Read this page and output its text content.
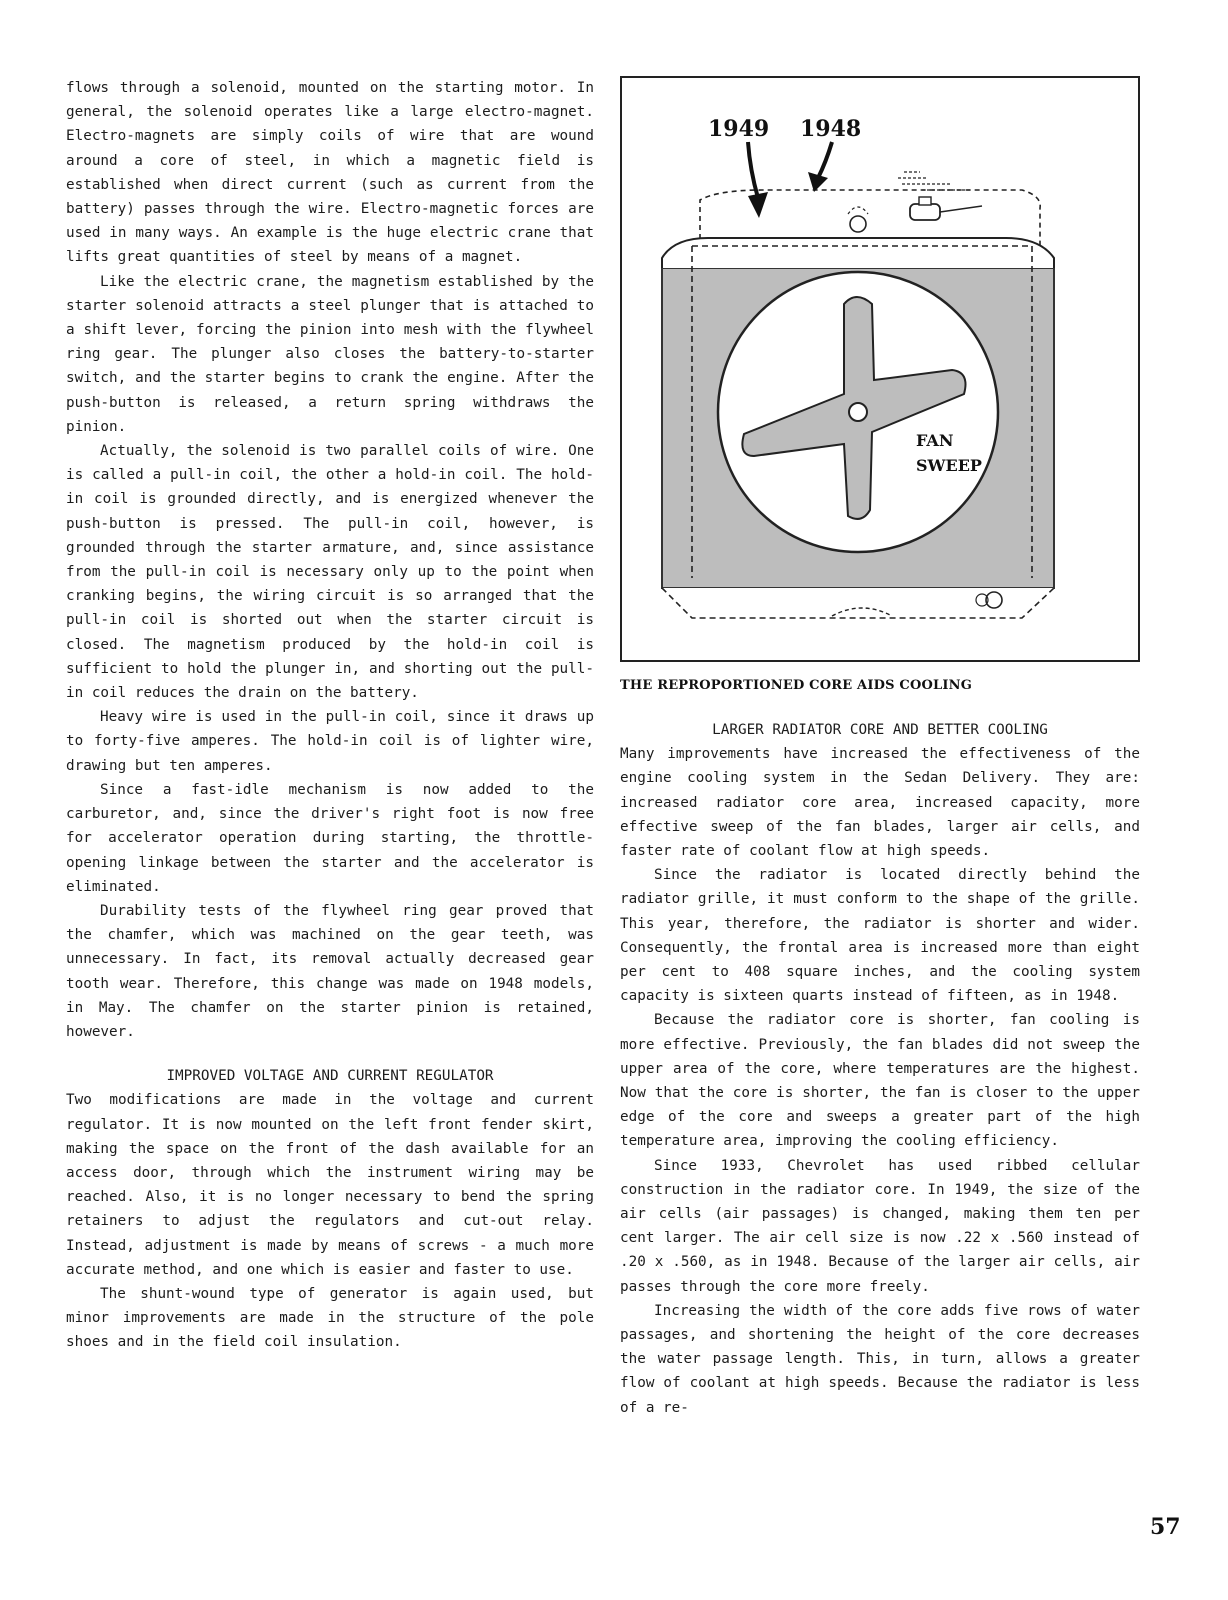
flows through a solenoid, mounted on the starting motor. In general, the solenoid operates like a large electro-magnet. Electro-magnets are simply coils of wire that are wound around a core of steel, in which a magnetic field is established when direct current (such as current from the battery) passes through the wire. Electro-magnetic forces are used in many ways. An example is the huge electric crane that lifts great quantities of steel by means of a magnet.

Like the electric crane, the magnetism established by the starter solenoid attracts a steel plunger that is attached to a shift lever, forcing the pinion into mesh with the flywheel ring gear. The plunger also closes the battery-to-starter switch, and the starter begins to crank the engine. After the push-button is released, a return spring withdraws the pinion.

Actually, the solenoid is two parallel coils of wire. One is called a pull-in coil, the other a hold-in coil. The hold-in coil is grounded directly, and is energized whenever the push-button is pressed. The pull-in coil, however, is grounded through the starter armature, and, since assistance from the pull-in coil is necessary only up to the point when cranking begins, the wiring circuit is so arranged that the pull-in coil is shorted out when the starter circuit is closed. The magnetism produced by the hold-in coil is sufficient to hold the plunger in, and shorting out the pull-in coil reduces the drain on the battery.

Heavy wire is used in the pull-in coil, since it draws up to forty-five amperes. The hold-in coil is of lighter wire, drawing but ten amperes.

Since a fast-idle mechanism is now added to the carburetor, and, since the driver's right foot is now free for accelerator operation during starting, the throttle-opening linkage between the starter and the accelerator is eliminated.

Durability tests of the flywheel ring gear proved that the chamfer, which was machined on the gear teeth, was unnecessary. In fact, its removal actually decreased gear tooth wear. Therefore, this change was made on 1948 models, in May. The chamfer on the starter pinion is retained, however.

IMPROVED VOLTAGE AND CURRENT REGULATOR

Two modifications are made in the voltage and current regulator. It is now mounted on the left front fender skirt, making the space on the front of the dash available for an access door, through which the instrument wiring may be reached. Also, it is no longer necessary to bend the spring retainers to adjust the regulators and cut-out relay. Instead, adjustment is made by means of screws - a much more accurate method, and one which is easier and faster to use.

The shunt-wound type of generator is again used, but minor improvements are made in the structure of the pole shoes and in the field coil insulation.

1949 1948
FAN
SWEEP
THE REPROPORTIONED CORE AIDS COOLING
LARGER RADIATOR CORE AND BETTER COOLING

Many improvements have increased the effectiveness of the engine cooling system in the Sedan Delivery. They are: increased radiator core area, increased capacity, more effective sweep of the fan blades, larger air cells, and faster rate of coolant flow at high speeds.

Since the radiator is located directly behind the radiator grille, it must conform to the shape of the grille. This year, therefore, the radiator is shorter and wider. Consequently, the frontal area is increased more than eight per cent to 408 square inches, and the cooling system capacity is sixteen quarts instead of fifteen, as in 1948.

Because the radiator core is shorter, fan cooling is more effective. Previously, the fan blades did not sweep the upper area of the core, where temperatures are the highest. Now that the core is shorter, the fan is closer to the upper edge of the core and sweeps a greater part of the high temperature area, improving the cooling efficiency.

Since 1933, Chevrolet has used ribbed cellular construction in the radiator core. In 1949, the size of the air cells (air passages) is changed, making them ten per cent larger. The air cell size is now .22 x .560 instead of .20 x .560, as in 1948. Because of the larger air cells, air passes through the core more freely.

Increasing the width of the core adds five rows of water passages, and shortening the height of the core decreases the water passage length. This, in turn, allows a greater flow of coolant at high speeds. Because the radiator is less of a re-

57
